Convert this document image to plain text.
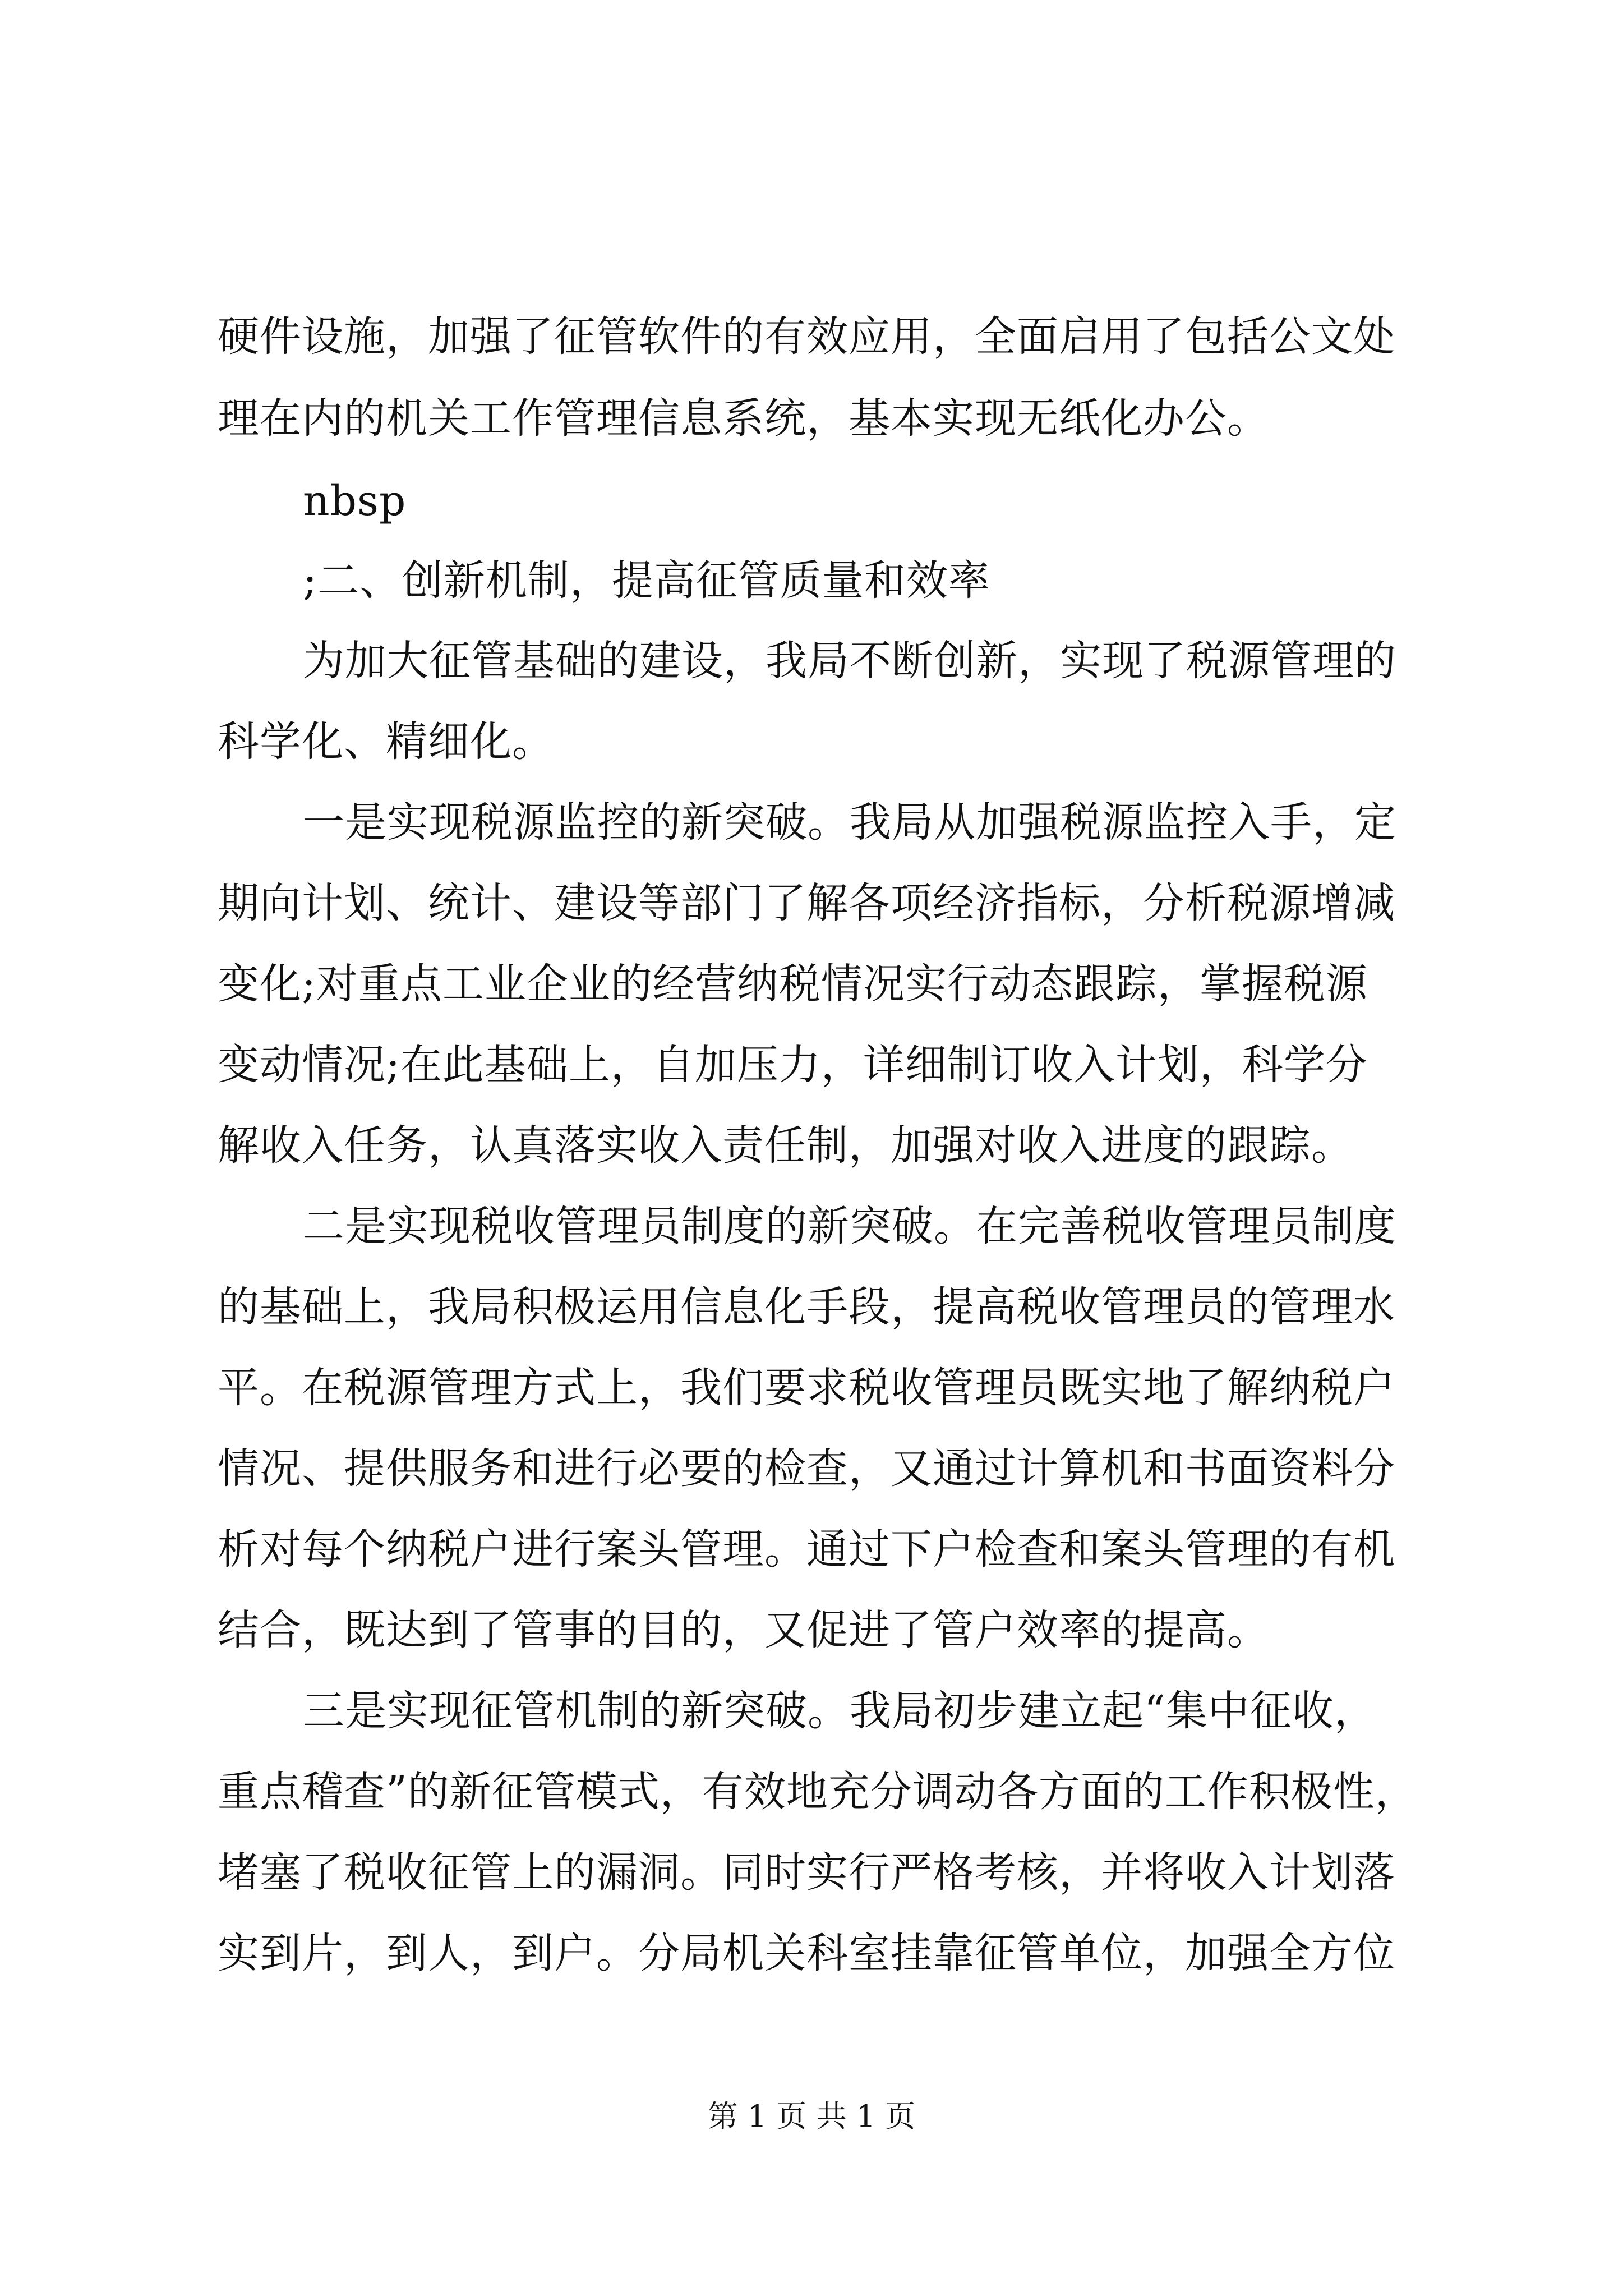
硬件设施，加强了征管软件的有效应用，全面启用了包括公文处
理在内的机关工作管理信息系统，基本实现无纸化办公。
nbsp
;二、创新机制，提高征管质量和效率
为加大征管基础的建设，我局不断创新，实现了税源管理的
科学化、精细化。
一是实现税源监控的新突破。我局从加强税源监控入手，定
期向计划、统计、建设等部门了解各项经济指标，分析税源增减
变化;对重点工业企业的经营纳税情况实行动态跟踪，掌握税源
变动情况;在此基础上，自加压力，详细制订收入计划，科学分
解收入任务，认真落实收入责任制，加强对收入进度的跟踪。
二是实现税收管理员制度的新突破。在完善税收管理员制度
的基础上，我局积极运用信息化手段，提高税收管理员的管理水
平。在税源管理方式上，我们要求税收管理员既实地了解纳税户
情况、提供服务和进行必要的检查，又通过计算机和书面资料分
析对每个纳税户进行案头管理。通过下户检查和案头管理的有机
结合，既达到了管事的目的，又促进了管户效率的提高。
三是实现征管机制的新突破。我局初步建立起“集中征收，
重点稽查”的新征管模式，有效地充分调动各方面的工作积极性，
堵塞了税收征管上的漏洞。同时实行严格考核，并将收入计划落
实到片，到人，到户。分局机关科室挂靠征管单位，加强全方位
第 1 页 共 1 页
